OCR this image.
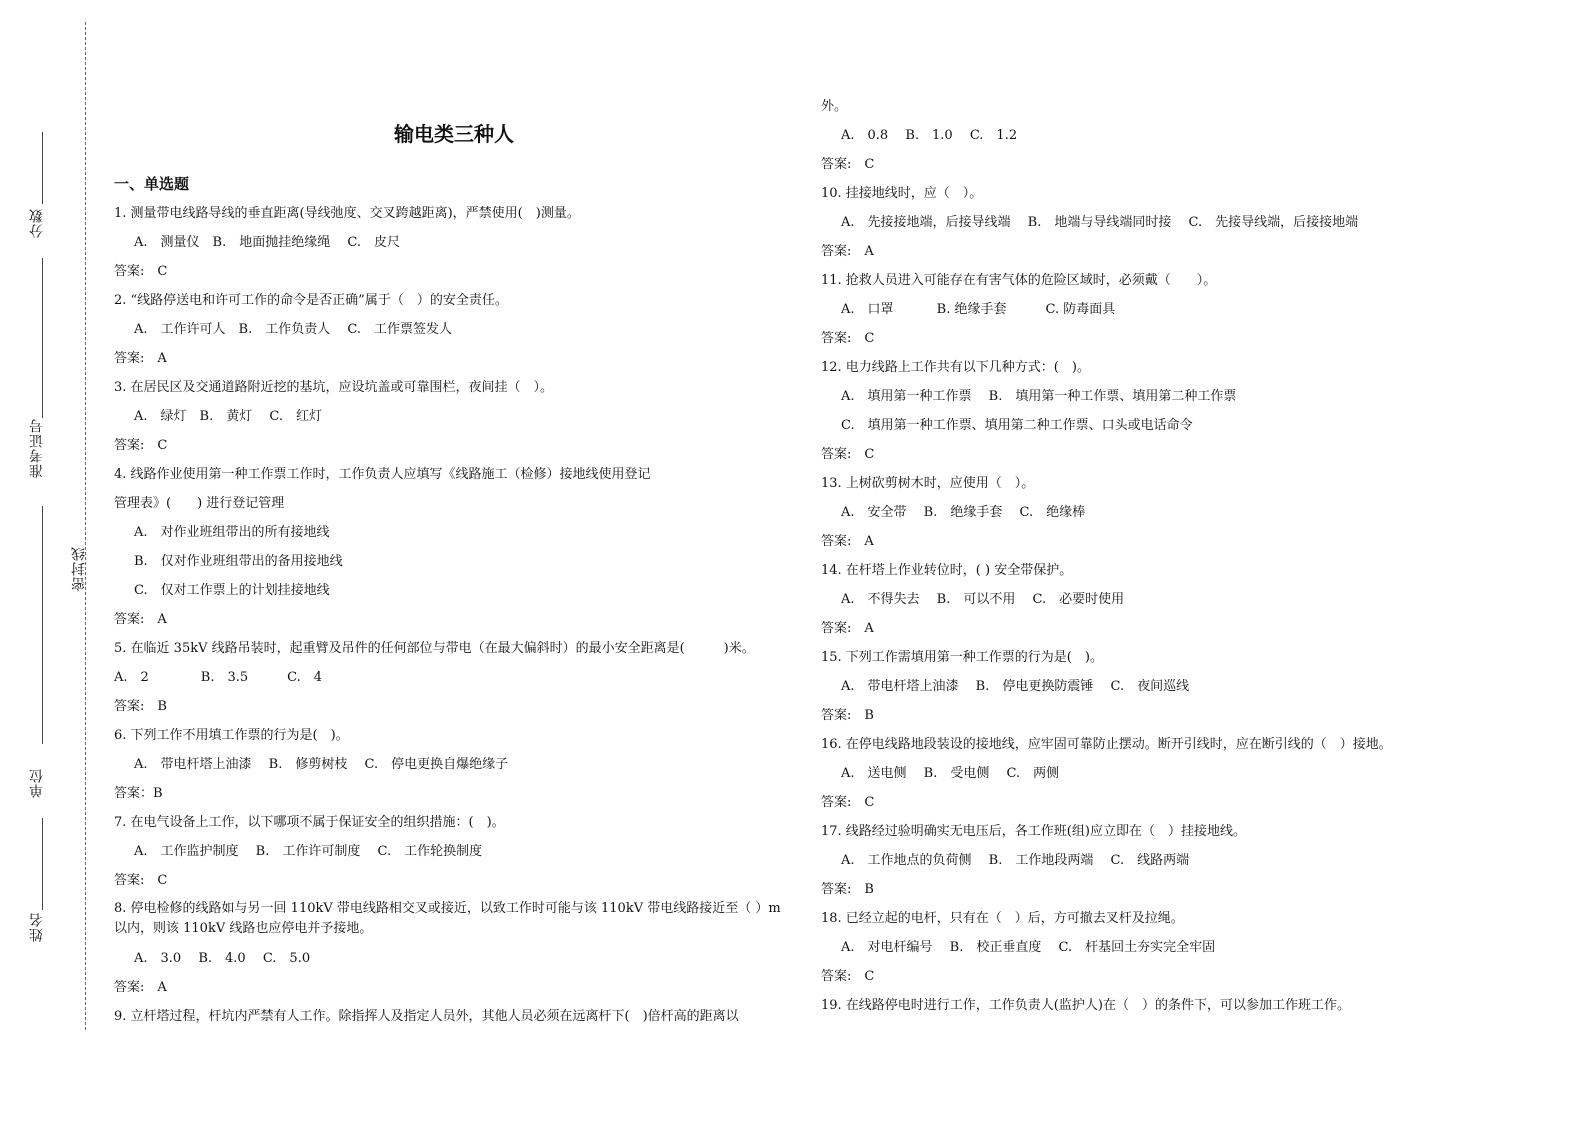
分数
准考证号
密封线
单位
姓名
输电类三种人
一、单选题
1. 测量带电线路导线的垂直距离(导线弛度、交叉跨越距离)，严禁使用(　)测量。
A.　测量仪　B.　地面抛挂绝缘绳　 C.　皮尺
答案:　C
2. “线路停送电和许可工作的命令是否正确”属于（　）的安全责任。
A.　工作许可人　B.　工作负责人　 C.　工作票签发人
答案:　A
3. 在居民区及交通道路附近挖的基坑，应设坑盖或可靠围栏，夜间挂（　）。
A.　绿灯　B.　黄灯　 C.　红灯
答案:　C
4. 线路作业使用第一种工作票工作时，工作负责人应填写《线路施工（检修）接地线使用登记
管理表》(　　) 进行登记管理
A.　对作业班组带出的所有接地线
B.　仅对作业班组带出的备用接地线
C.　仅对工作票上的计划挂接地线
答案:　A
5. 在临近 35kV 线路吊装时，起重臂及吊件的任何部位与带电（在最大偏斜时）的最小安全距离是(　　　)米。
A.　2　　　　B.　3.5　　　C.　4
答案:　B
6. 下列工作不用填工作票的行为是(　)。
A.　带电杆塔上油漆　 B.　修剪树枝　 C.　停电更换自爆绝缘子
答案：B
7. 在电气设备上工作，以下哪项不属于保证安全的组织措施：(　)。
A.　工作监护制度　 B.　工作许可制度　 C.　工作轮换制度
答案:　C
8. 停电检修的线路如与另一回 110kV 带电线路相交叉或接近，以致工作时可能与该 110kV 带电线路接近至（ ）m 以内，则该 110kV 线路也应停电并予接地。
A.　3.0　 B.　4.0　 C.　5.0
答案:　A
9. 立杆塔过程，杆坑内严禁有人工作。除指挥人及指定人员外，其他人员必须在远离杆下(　)倍杆高的距离以
外。
A.　0.8　 B.　1.0　 C.　1.2
答案:　C
10. 挂接地线时，应（　）。
A.　先接接地端，后接导线端　 B.　地端与导线端同时接　 C.　先接导线端，后接接地端
答案:　A
11. 抢救人员进入可能存在有害气体的危险区域时，必须戴（　　）。
A.　口罩　　　 B. 绝缘手套　　　C. 防毒面具
答案:　C
12. 电力线路上工作共有以下几种方式：(　)。
A.　填用第一种工作票　 B.　填用第一种工作票、填用第二种工作票
C.　填用第一种工作票、填用第二种工作票、口头或电话命令
答案:　C
13. 上树砍剪树木时，应使用（　）。
A.　安全带　 B.　绝缘手套　 C.　绝缘棒
答案:　A
14. 在杆塔上作业转位时，( ) 安全带保护。
A.　不得失去　 B.　可以不用　 C.　必要时使用
答案:　A
15. 下列工作需填用第一种工作票的行为是(　)。
A.　带电杆塔上油漆　 B.　停电更换防震锤　 C.　夜间巡线
答案:　B
16. 在停电线路地段装设的接地线，应牢固可靠防止摆动。断开引线时，应在断引线的（　）接地。
A.　送电侧　 B.　受电侧　 C.　两侧
答案:　C
17. 线路经过验明确实无电压后，各工作班(组)应立即在（　）挂接地线。
A.　工作地点的负荷侧　 B.　工作地段两端　 C.　线路两端
答案:　B
18. 已经立起的电杆，只有在（　）后，方可撤去叉杆及拉绳。
A.　对电杆编号　 B.　校正垂直度　 C.　杆基回土夯实完全牢固
答案:　C
19. 在线路停电时进行工作，工作负责人(监护人)在（　）的条件下，可以参加工作班工作。
